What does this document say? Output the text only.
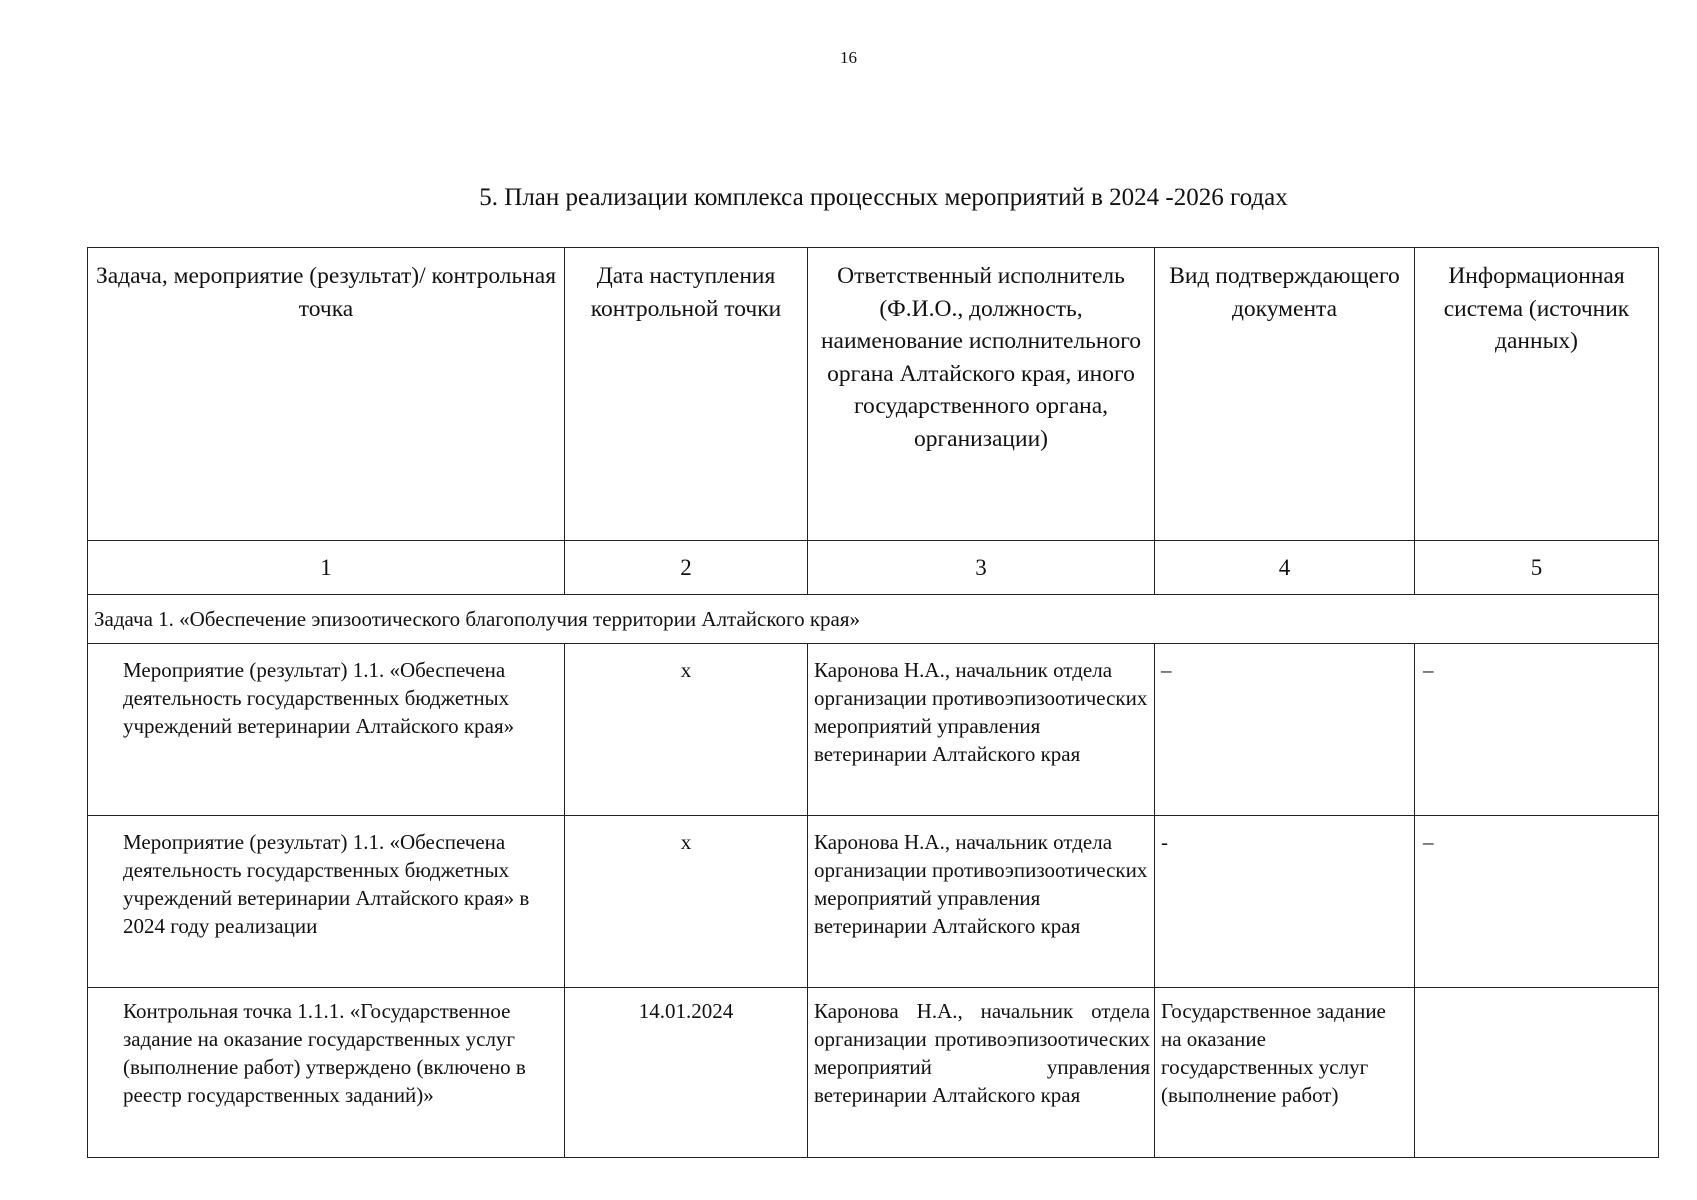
16
5. План реализации комплекса процессных мероприятий в 2024 -2026 годах
Задача, мероприятие (результат)/ контрольная точка	Дата наступления контрольной точки	Ответственный исполнитель (Ф.И.О., должность, наименование исполнительного органа Алтайского края, иного государственного органа, организации)	Вид подтверждающего документа	Информационная система (источник данных)
1	2	3	4	5
Задача 1. «Обеспечение эпизоотического благополучия территории Алтайского края»				
Мероприятие (результат) 1.1. «Обеспечена деятельность государственных бюджетных учреждений ветеринарии Алтайского края»	х	Каронова Н.А., начальник отдела организации противоэпизоотических мероприятий управления ветеринарии Алтайского края	–	–
Мероприятие (результат) 1.1. «Обеспечена деятельность государственных бюджетных учреждений ветеринарии Алтайского края» в 2024 году реализации	х	Каронова Н.А., начальник отдела организации противоэпизоотических мероприятий управления ветеринарии Алтайского края	-	–
Контрольная точка 1.1.1. «Государственное задание на оказание государственных услуг (выполнение работ) утверждено (включено в реестр государственных заданий)»	14.01.2024	Каронова Н.А., начальник отдела организации противоэпизоотических мероприятий управления ветеринарии Алтайского края	Государственное задание на оказание государственных услуг (выполнение работ)	
